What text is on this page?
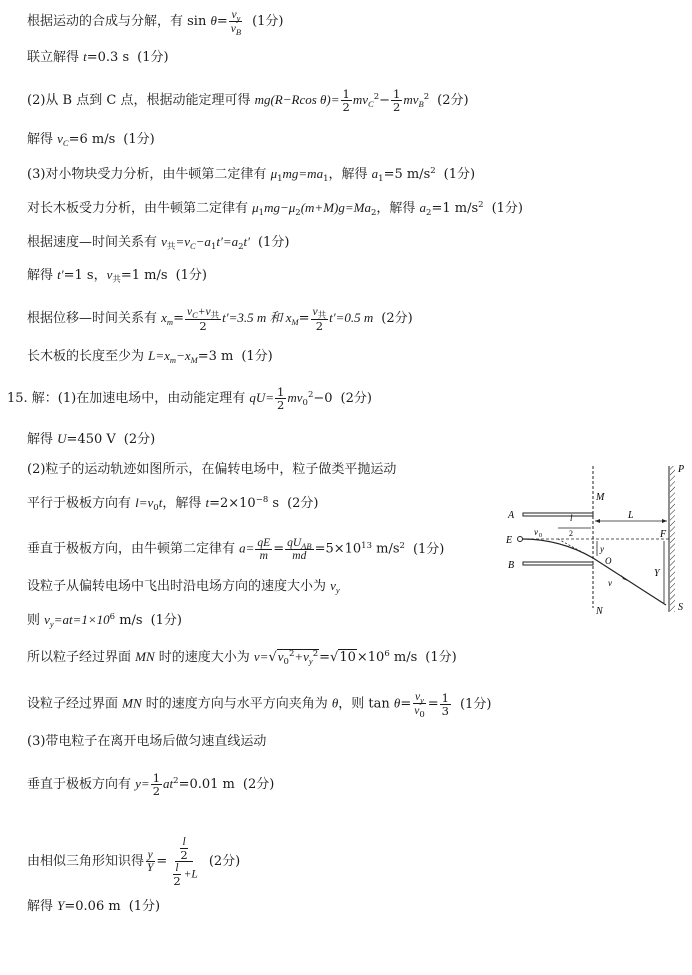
根据运动的合成与分解，有 $\sin \theta= \frac{v_y}{v_B} (1$分)
联立解得 t=0.3 s (1分)
(2)从 B 点到 C 点，根据动能定理可得 mg(R−Rcos $\theta)= \frac{1}{2} mv_C^2- \frac{1}{2} mv_B^2$ (2分)
解得 $v_C=6$ m/s (1分)
(3)对小物块受力分析，由牛顿第二定律有 $\mu_1mg=ma_1$，解得 $a_1=5$ $m/s^2$ (1分)
对长木板受力分析，由牛顿第二定律有 $\mu_1mg-\mu_2(m+M)g=Ma_2$，解得 $a_2=1$ $m/s^2$ (1分)
根据速度—时间关系有 $v_共=v_C-a_1t'=a_2t'$ (1分)
解得 t′=1 s，$v_共=1$ m/s (1分)
根据位移—时间关系有 $x_m= \frac{v_C+v_共}{2} t'=3.5$ m 和 $x_M= \frac{v_共}{2} t'=0.5$ m (2分)
长木板的长度至少为 $L=x_m-x_M=3$ m (1分)
15. 解：(1)在加速电场中，由动能定理有 $qU= \frac{1}{2} mv_0^2-0$ (2分)
解得 U=450 V (2分)
(2)粒子的运动轨迹如图所示，在偏转电场中，粒子做类平抛运动
平行于极板方向有 $l=v_0t$，解得 $t=2\times 10^{-8}$ s (2分)
垂直于极板方向，由牛顿第二定律有 $a= \frac{qE}{m} = \frac{qU_{AB}}{md} =5\times 10^{13}$ $m/s^2$ (1分)
设粒子从偏转电场中飞出时沿电场方向的速度大小为 $v_y$
则 $v_y=at=1\times 10^6$ m/s (1分)
所以粒子经过界面 MN 时的速度大小为 $v=√v_0^2+v_y^2=√10\times 10^6$ m/s (1分)
设粒子经过界面 MN 时的速度方向与水平方向夹角为 θ，则 $\tan \theta= \frac{v_y}{v_0} = \frac{1}{3} (1$分)
(3)带电粒子在离开电场后做匀速直线运动
垂直于极板方向有 $y= \frac{1}{2} at^2=0.01$ m (2分)
由相似三角形知识得 $\frac{y}{Y} = \frac{\frac{l}{2}}{\frac{l}{2} +L} (2$分)
解得 Y=0.06 m (1分)
A
B
E
M
N
P
S
F
L
l
2
v 0
y
Y
O
v
